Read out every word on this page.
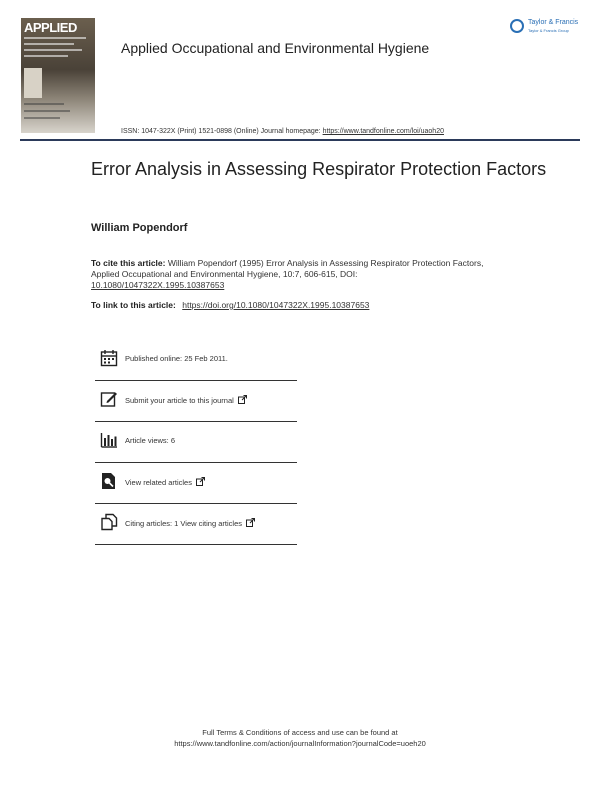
APPLIED
Applied Occupational and Environmental Hygiene
ISSN: 1047-322X (Print) 1521-0898 (Online) Journal homepage: https://www.tandfonline.com/loi/uaoh20
Taylor & Francis
Taylor & Francis Group
Error Analysis in Assessing Respirator Protection Factors
William Popendorf
To cite this article: William Popendorf (1995) Error Analysis in Assessing Respirator Protection Factors, Applied Occupational and Environmental Hygiene, 10:7, 606-615, DOI: 10.1080/1047322X.1995.10387653
To link to this article: https://doi.org/10.1080/1047322X.1995.10387653
Published online: 25 Feb 2011.
Submit your article to this journal
Article views: 6
View related articles
Citing articles: 1 View citing articles
Full Terms & Conditions of access and use can be found at
https://www.tandfonline.com/action/journalInformation?journalCode=uoeh20
